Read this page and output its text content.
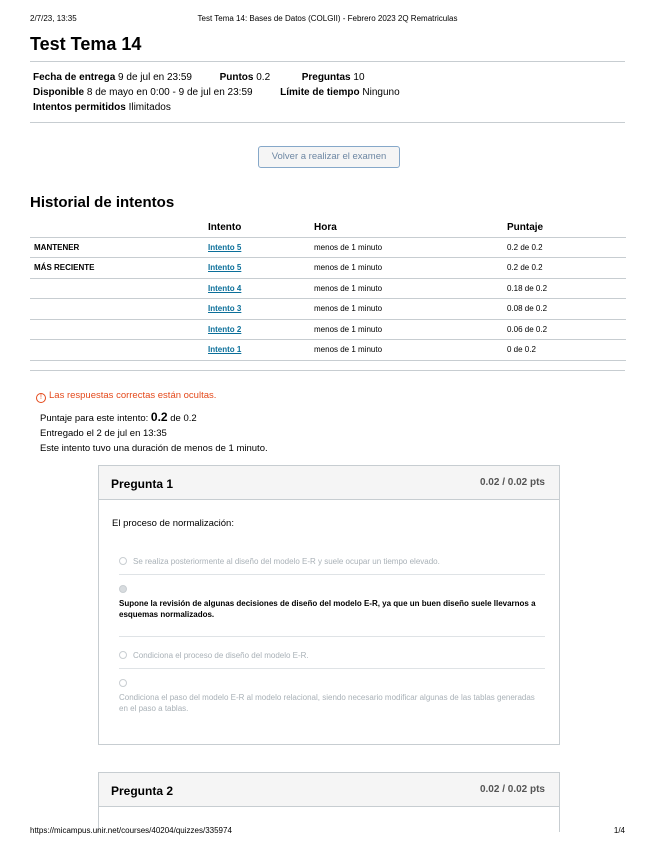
2/7/23, 13:35	Test Tema 14: Bases de Datos (COLGII) - Febrero 2023 2Q Rematriculas
Test Tema 14
Fecha de entrega 9 de jul en 23:59	Puntos 0.2	Preguntas 10
Disponible 8 de mayo en 0:00 - 9 de jul en 23:59	Límite de tiempo Ninguno
Intentos permitidos Ilimitados
Volver a realizar el examen
Historial de intentos
	Intento	Hora	Puntaje
MANTENER	Intento 5	menos de 1 minuto	0.2 de 0.2
MÁS RECIENTE	Intento 5	menos de 1 minuto	0.2 de 0.2
	Intento 4	menos de 1 minuto	0.18 de 0.2
	Intento 3	menos de 1 minuto	0.08 de 0.2
	Intento 2	menos de 1 minuto	0.06 de 0.2
	Intento 1	menos de 1 minuto	0 de 0.2
! Las respuestas correctas están ocultas.
Puntaje para este intento: 0.2 de 0.2
Entregado el 2 de jul en 13:35
Este intento tuvo una duración de menos de 1 minuto.
Pregunta 1	0.02 / 0.02 pts
El proceso de normalización:
Se realiza posteriormente al diseño del modelo E-R y suele ocupar un tiempo elevado.
Supone la revisión de algunas decisiones de diseño del modelo E-R, ya que un buen diseño suele llevarnos a esquemas normalizados.
Condiciona el proceso de diseño del modelo E-R.
Condiciona el paso del modelo E-R al modelo relacional, siendo necesario modificar algunas de las tablas generadas en el paso a tablas.
Pregunta 2	0.02 / 0.02 pts
https://micampus.unir.net/courses/40204/quizzes/335974	1/4
